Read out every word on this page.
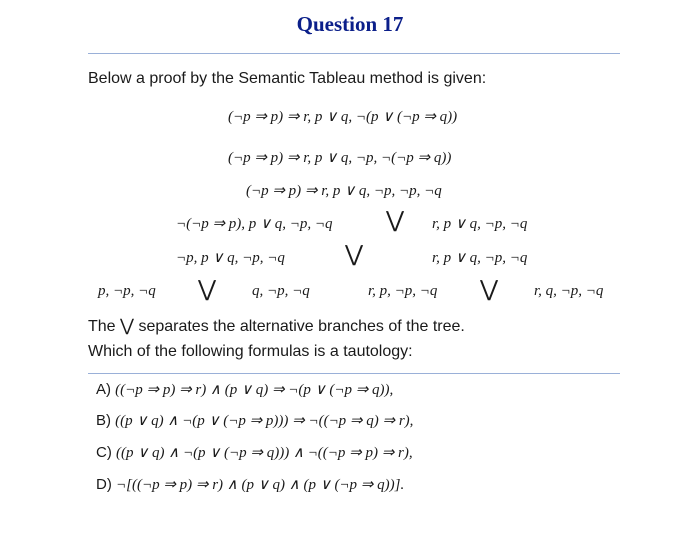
Question 17
Below a proof by the Semantic Tableau method is given:
(¬p ⇒ p) ⇒ r, p ∨ q, ¬(p ∨ (¬p ⇒ q))
(¬p ⇒ p) ⇒ r, p ∨ q, ¬p, ¬(¬p ⇒ q))
(¬p ⇒ p) ⇒ r, p ∨ q, ¬p, ¬p, ¬q
¬(¬p ⇒ p), p ∨ q, ¬p, ¬q ⋁ r, p ∨ q, ¬p, ¬q
¬p, p ∨ q, ¬p, ¬q	⋁	r, p ∨ q, ¬p, ¬q
p, ¬p, ¬q ⋁ q, ¬p, ¬q	r, p, ¬p, ¬q ⋁ r, q, ¬p, ¬q
The ⋁ separates the alternative branches of the tree.
Which of the following formulas is a tautology:
A) ((¬p ⇒ p) ⇒ r) ∧ (p ∨ q) ⇒ ¬(p ∨ (¬p ⇒ q)),
B) ((p ∨ q) ∧ ¬(p ∨ (¬p ⇒ p))) ⇒ ¬((¬p ⇒ q) ⇒ r),
C) ((p ∨ q) ∧ ¬(p ∨ (¬p ⇒ q))) ∧ ¬((¬p ⇒ p) ⇒ r),
D) ¬[((¬p ⇒ p) ⇒ r) ∧ (p ∨ q) ∧ (p ∨ (¬p ⇒ q))].
